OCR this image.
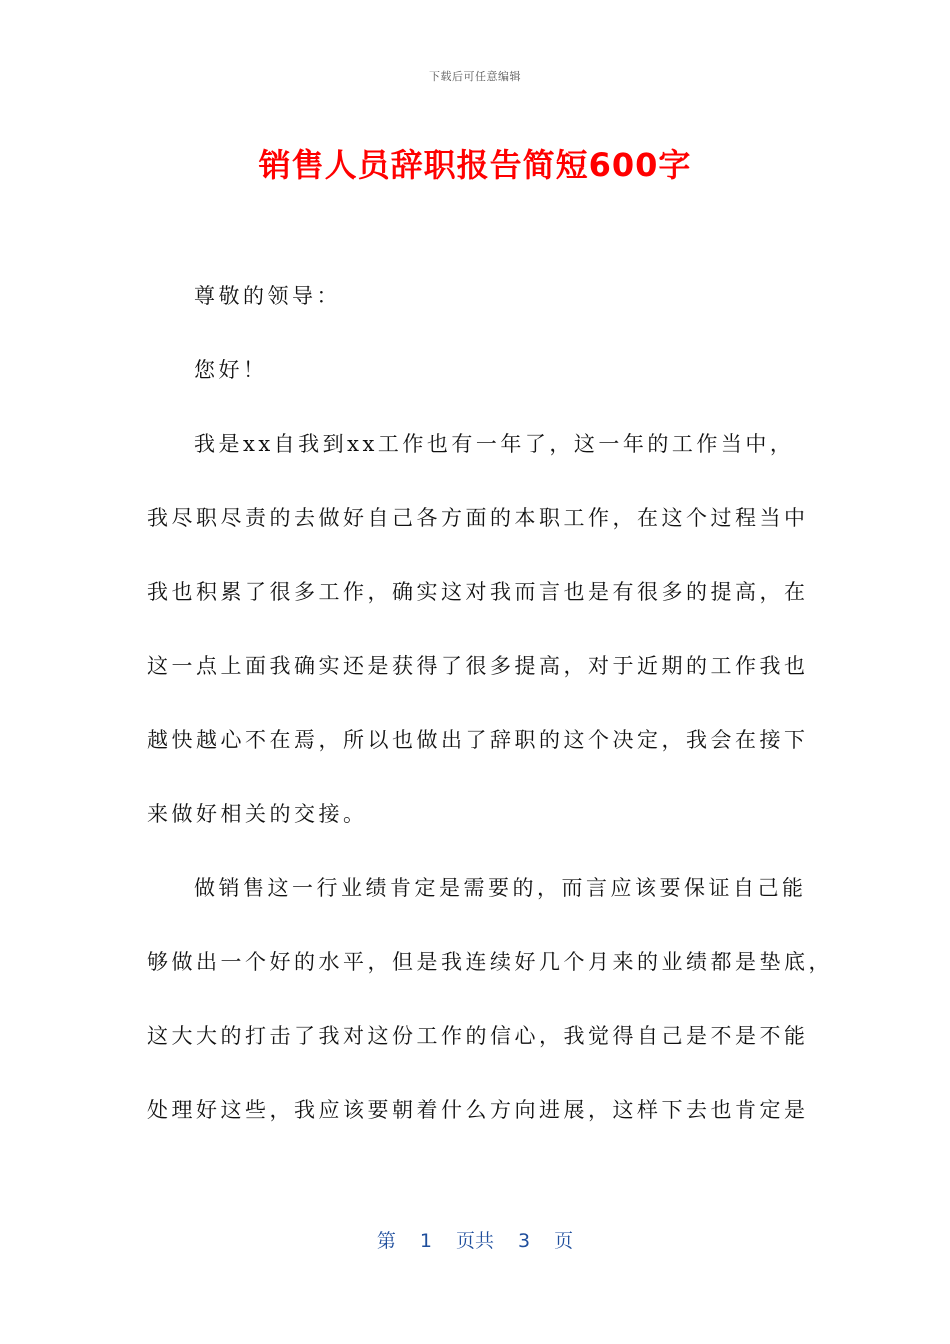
下载后可任意编辑
销售人员辞职报告简短600字
尊敬的领导：
您好！
我是xx自我到xx工作也有一年了，这一年的工作当中，
我尽职尽责的去做好自己各方面的本职工作，在这个过程当中
我也积累了很多工作，确实这对我而言也是有很多的提高，在
这一点上面我确实还是获得了很多提高，对于近期的工作我也
越快越心不在焉，所以也做出了辞职的这个决定，我会在接下
来做好相关的交接。
做销售这一行业绩肯定是需要的，而言应该要保证自己能
够做出一个好的水平，但是我连续好几个月来的业绩都是垫底，
这大大的打击了我对这份工作的信心，我觉得自己是不是不能
处理好这些，我应该要朝着什么方向进展，这样下去也肯定是
第 1 页共 3 页
